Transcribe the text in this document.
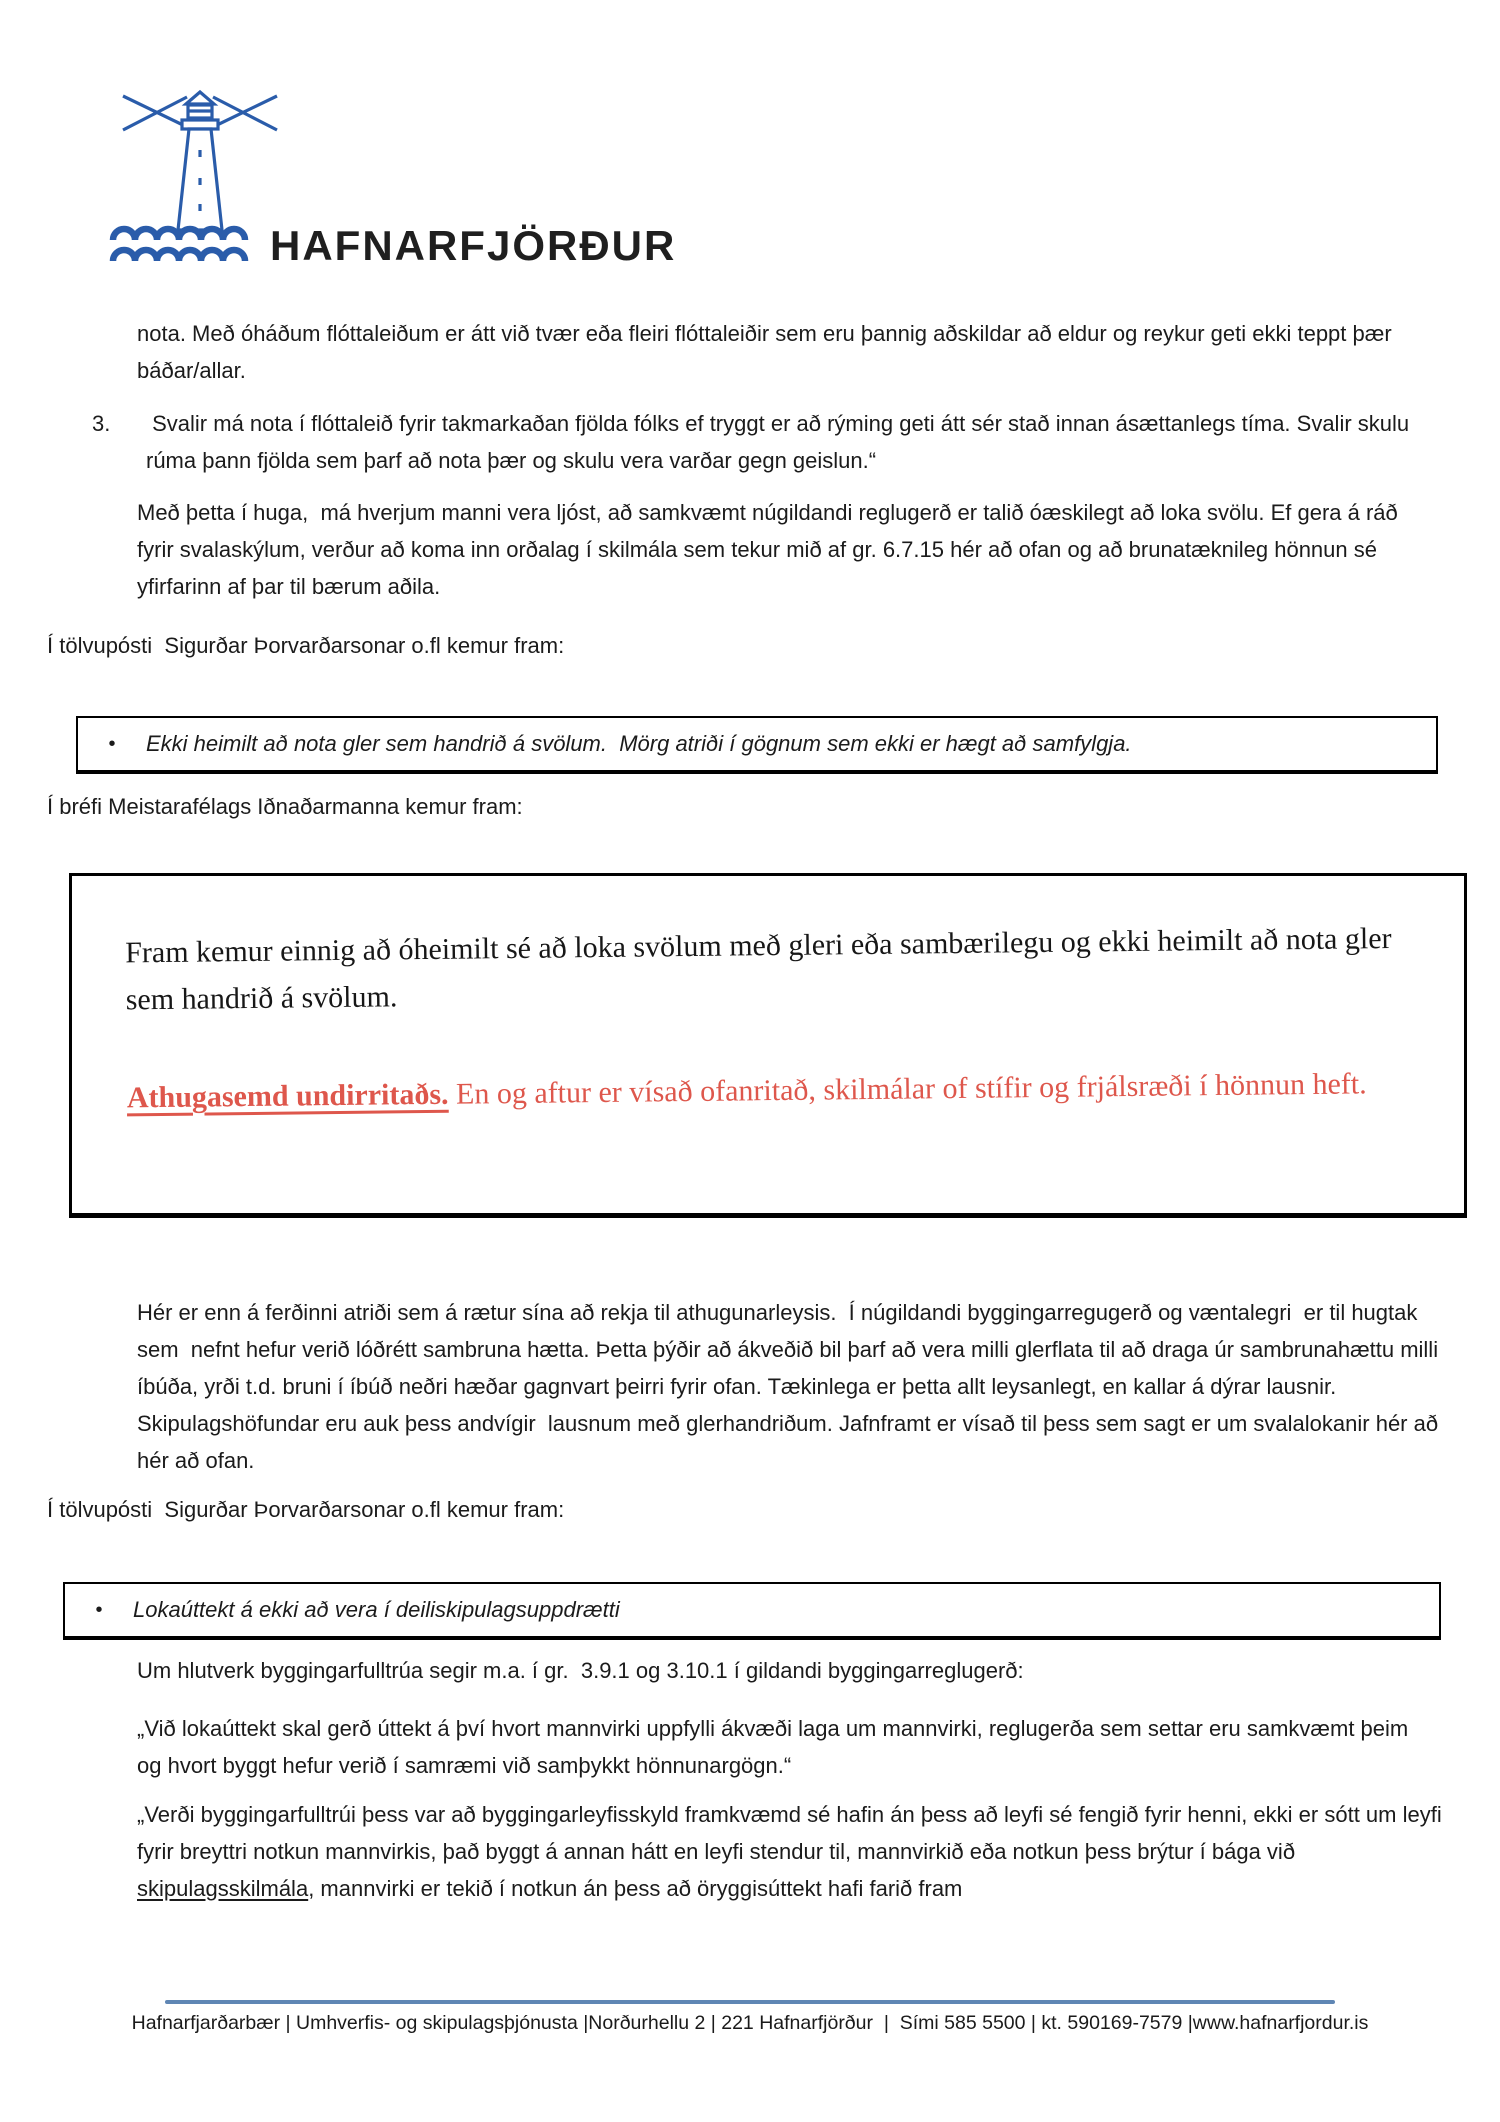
HAFNARFJÖRÐUR
nota. Með óháðum flóttaleiðum er átt við tvær eða fleiri flóttaleiðir sem eru þannig aðskildar að eldur og reykur geti ekki teppt þær báðar/allar.
3.	Svalir má nota í flóttaleið fyrir takmarkaðan fjölda fólks ef tryggt er að rýming geti átt sér stað innan ásættanlegs tíma. Svalir skulu rúma þann fjölda sem þarf að nota þær og skulu vera varðar gegn geislun.“
Með þetta í huga,  má hverjum manni vera ljóst, að samkvæmt núgildandi reglugerð er talið óæskilegt að loka svölu. Ef gera á ráð fyrir svalaskýlum, verður að koma inn orðalag í skilmála sem tekur mið af gr. 6.7.15 hér að ofan og að brunatæknileg hönnun sé yfirfarinn af þar til bærum aðila.
Í tölvupósti  Sigurðar Þorvarðarsonar o.fl kemur fram:
•	Ekki heimilt að nota gler sem handrið á svölum.  Mörg atriði í gögnum sem ekki er hægt að samfylgja.
Í bréfi Meistarafélags Iðnaðarmanna kemur fram:

Fram kemur einnig að óheimilt sé að loka svölum með gleri eða sambærilegu og ekki heimilt að nota gler sem handrið á svölum.

Athugasemd undirritaðs. En og aftur er vísað ofanritað, skilmálar of stífir og frjálsræði í hönnun heft.

Hér er enn á ferðinni atriði sem á rætur sína að rekja til athugunarleysis.  Í núgildandi byggingarregugerð og væntalegri  er til hugtak sem  nefnt hefur verið lóðrétt sambruna hætta. Þetta þýðir að ákveðið bil þarf að vera milli glerflata til að draga úr sambrunahættu milli íbúða, yrði t.d. bruni í íbúð neðri hæðar gagnvart þeirri fyrir ofan. Tækinlega er þetta allt leysanlegt, en kallar á dýrar lausnir.  Skipulagshöfundar eru auk þess andvígir  lausnum með glerhandriðum. Jafnframt er vísað til þess sem sagt er um svalalokanir hér að hér að ofan.
Í tölvupósti  Sigurðar Þorvarðarsonar o.fl kemur fram:
•	Lokaúttekt á ekki að vera í deiliskipulagsuppdrætti
Um hlutverk byggingarfulltrúa segir m.a. í gr.  3.9.1 og 3.10.1 í gildandi byggingarreglugerð:
„Við lokaúttekt skal gerð úttekt á því hvort mannvirki uppfylli ákvæði laga um mannvirki, reglugerða sem settar eru samkvæmt þeim og hvort byggt hefur verið í samræmi við samþykkt hönnunargögn.“
„Verði byggingarfulltrúi þess var að byggingarleyfisskyld framkvæmd sé hafin án þess að leyfi sé fengið fyrir henni, ekki er sótt um leyfi fyrir breyttri notkun mannvirkis, það byggt á annan hátt en leyfi stendur til, mannvirkið eða notkun þess brýtur í bága við skipulagsskilmála, mannvirki er tekið í notkun án þess að öryggisúttekt hafi farið fram
Hafnarfjarðarbær | Umhverfis- og skipulagsþjónusta |Norðurhellu 2 | 221 Hafnarfjörður  |  Sími 585 5500 | kt. 590169-7579 |www.hafnarfjordur.is
